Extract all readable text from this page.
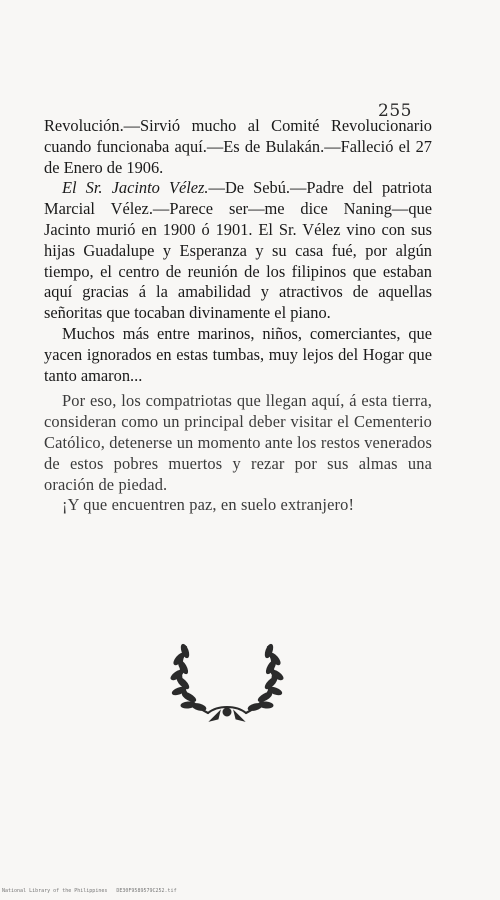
255

Revolución.—Sirvió mucho al Comité Revolucionario cuando funcionaba aquí.—Es de Bulakán.—Falleció el 27 de Enero de 1906.

El Sr. Jacinto Vélez.—De Sebú.—Padre del patriota Marcial Vélez.—Parece ser—me dice Naning—que Jacinto murió en 1900 ó 1901. El Sr. Vélez vino con sus hijas Guadalupe y Esperanza y su casa fué, por algún tiempo, el centro de reunión de los filipinos que estaban aquí gracias á la amabilidad y atractivos de aquellas señoritas que tocaban divinamente el piano.

Muchos más entre marinos, niños, comerciantes, que yacen ignorados en estas tumbas, muy lejos del Hogar que tanto amaron...

Por eso, los compatriotas que llegan aquí, á esta tierra, consideran como un principal deber visitar el Cementerio Católico, detenerse un momento ante los restos venerados de estos pobres muertos y rezar por sus almas una oración de piedad.

¡Y que encuentren paz, en suelo extranjero!

National Library of the Philippines DE30F9589579C252.tif
